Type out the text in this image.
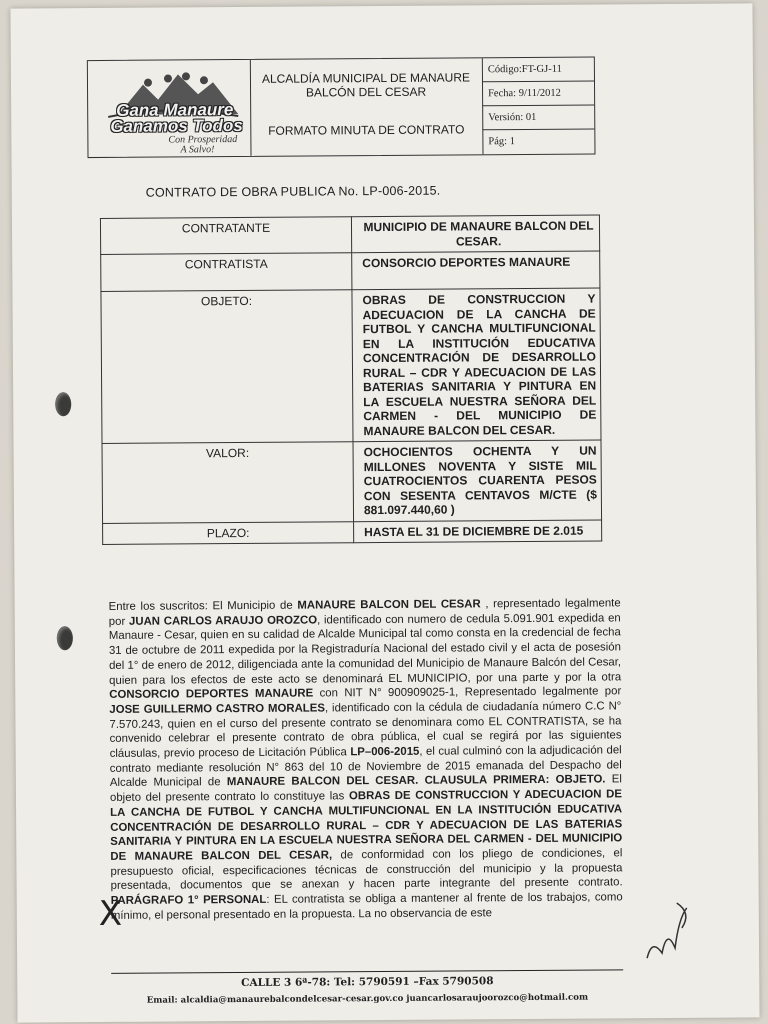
Gana Manaure
Ganamos Todos
Con Prosperidad
A Salvo!
ALCALDÍA MUNICIPAL DE MANAURE
BALCÓN DEL CESAR
FORMATO MINUTA DE CONTRATO
Código:FT-GJ-11
Fecha: 9/11/2012
Versión: 01
Pág: 1
CONTRATO DE OBRA PUBLICA No. LP-006-2015.
CONTRATANTE	MUNICIPIO DE MANAURE BALCON DEL CESAR.
CONTRATISTA	CONSORCIO DEPORTES MANAURE
OBJETO:	OBRAS DE CONSTRUCCION Y ADECUACION DE LA CANCHA DE FUTBOL Y CANCHA MULTIFUNCIONAL EN LA INSTITUCIÓN EDUCATIVA CONCENTRACIÓN DE DESARROLLO RURAL – CDR Y ADECUACION DE LAS BATERIAS SANITARIA Y PINTURA EN LA ESCUELA NUESTRA SEÑORA DEL CARMEN - DEL MUNICIPIO DE MANAURE BALCON DEL CESAR.
VALOR:	OCHOCIENTOS OCHENTA Y UN MILLONES NOVENTA Y SISTE MIL CUATROCIENTOS CUARENTA PESOS CON SESENTA CENTAVOS M/CTE ($ 881.097.440,60 )
PLAZO:	HASTA EL 31 DE DICIEMBRE DE 2.015
Entre los suscritos: El Municipio de MANAURE BALCON DEL CESAR , representado legalmente por JUAN CARLOS ARAUJO OROZCO, identificado con numero de cedula 5.091.901 expedida en Manaure - Cesar, quien en su calidad de Alcalde Municipal tal como consta en la credencial de fecha 31 de octubre de 2011 expedida por la Registraduría Nacional del estado civil y el acta de posesión del 1° de enero de 2012, diligenciada ante la comunidad del Municipio de Manaure Balcón del Cesar, quien para los efectos de este acto se denominará EL MUNICIPIO, por una parte y por la otra CONSORCIO DEPORTES MANAURE con NIT N° 900909025-1, Representado legalmente por JOSE GUILLERMO CASTRO MORALES, identificado con la cédula de ciudadanía número C.C N° 7.570.243, quien en el curso del presente contrato se denominara como EL CONTRATISTA, se ha convenido celebrar el presente contrato de obra pública, el cual se regirá por las siguientes cláusulas, previo proceso de Licitación Pública LP–006-2015, el cual culminó con la adjudicación del contrato mediante resolución N° 863 del 10 de Noviembre de 2015 emanada del Despacho del Alcalde Municipal de MANAURE BALCON DEL CESAR. CLAUSULA PRIMERA: OBJETO. El objeto del presente contrato lo constituye las OBRAS DE CONSTRUCCION Y ADECUACION DE LA CANCHA DE FUTBOL Y CANCHA MULTIFUNCIONAL EN LA INSTITUCIÓN EDUCATIVA CONCENTRACIÓN DE DESARROLLO RURAL – CDR Y ADECUACION DE LAS BATERIAS SANITARIA Y PINTURA EN LA ESCUELA NUESTRA SEÑORA DEL CARMEN - DEL MUNICIPIO DE MANAURE BALCON DEL CESAR, de conformidad con los pliego de condiciones, el presupuesto oficial, especificaciones técnicas de construcción del municipio y la propuesta presentada, documentos que se anexan y hacen parte integrante del presente contrato. PARÁGRAFO 1° PERSONAL: EL contratista se obliga a mantener al frente de los trabajos, como mínimo, el personal presentado en la propuesta. La no observancia de este
X
CALLE 3 6ª-78: Tel: 5790591 –Fax 5790508
Email: alcaldia@manaurebalcondelcesar-cesar.gov.co juancarlosaraujoorozco@hotmail.com
